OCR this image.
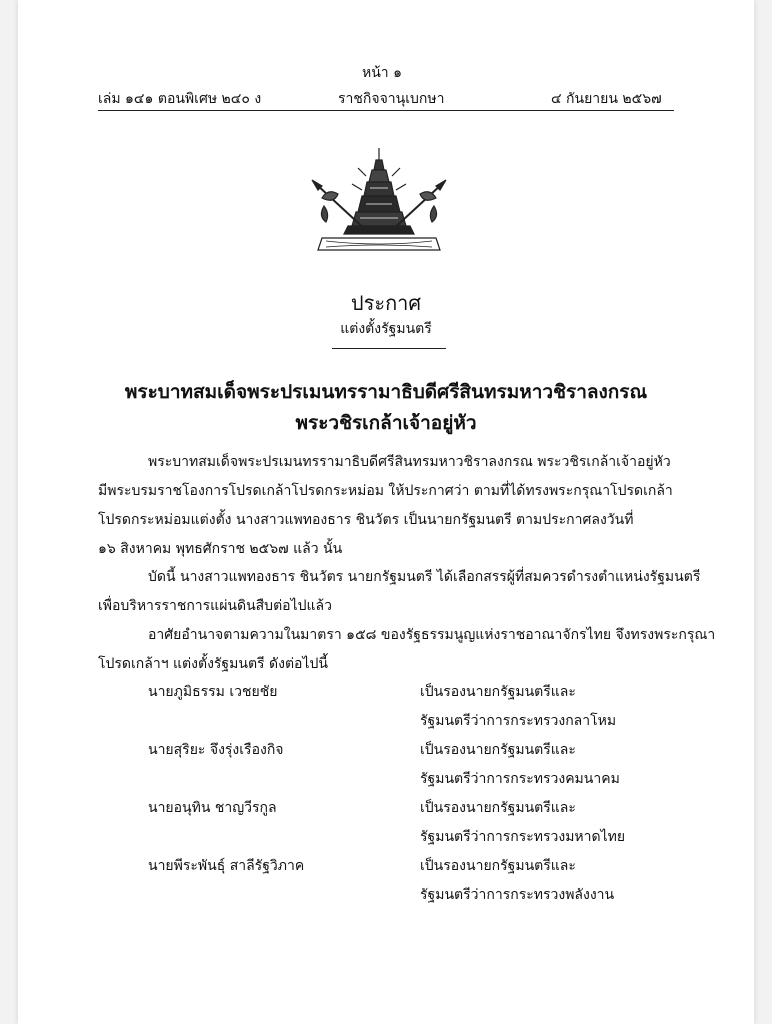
หน้า ๑
เล่ม ๑๔๑ ตอนพิเศษ ๒๔๐ ง	ราชกิจจานุเบกษา	๔ กันยายน ๒๕๖๗
ประกาศ
แต่งตั้งรัฐมนตรี
พระบาทสมเด็จพระปรเมนทรรามาธิบดีศรีสินทรมหาวชิราลงกรณ
พระวชิรเกล้าเจ้าอยู่หัว
พระบาทสมเด็จพระปรเมนทรรามาธิบดีศรีสินทรมหาวชิราลงกรณ พระวชิรเกล้าเจ้าอยู่หัว
มีพระบรมราชโองการโปรดเกล้าโปรดกระหม่อม ให้ประกาศว่า ตามที่ได้ทรงพระกรุณาโปรดเกล้า
โปรดกระหม่อมแต่งตั้ง นางสาวแพทองธาร ชินวัตร เป็นนายกรัฐมนตรี ตามประกาศลงวันที่
๑๖ สิงหาคม พุทธศักราช ๒๕๖๗ แล้ว นั้น
บัดนี้ นางสาวแพทองธาร ชินวัตร นายกรัฐมนตรี ได้เลือกสรรผู้ที่สมควรดำรงตำแหน่งรัฐมนตรี
เพื่อบริหารราชการแผ่นดินสืบต่อไปแล้ว
อาศัยอำนาจตามความในมาตรา ๑๕๘ ของรัฐธรรมนูญแห่งราชอาณาจักรไทย จึงทรงพระกรุณา
โปรดเกล้าฯ แต่งตั้งรัฐมนตรี ดังต่อไปนี้
นายภูมิธรรม เวชยชัย	เป็นรองนายกรัฐมนตรีและ
รัฐมนตรีว่าการกระทรวงกลาโหม
นายสุริยะ จึงรุ่งเรืองกิจ	เป็นรองนายกรัฐมนตรีและ
รัฐมนตรีว่าการกระทรวงคมนาคม
นายอนุทิน ชาญวีรกูล	เป็นรองนายกรัฐมนตรีและ
รัฐมนตรีว่าการกระทรวงมหาดไทย
นายพีระพันธุ์ สาลีรัฐวิภาค	เป็นรองนายกรัฐมนตรีและ
รัฐมนตรีว่าการกระทรวงพลังงาน
